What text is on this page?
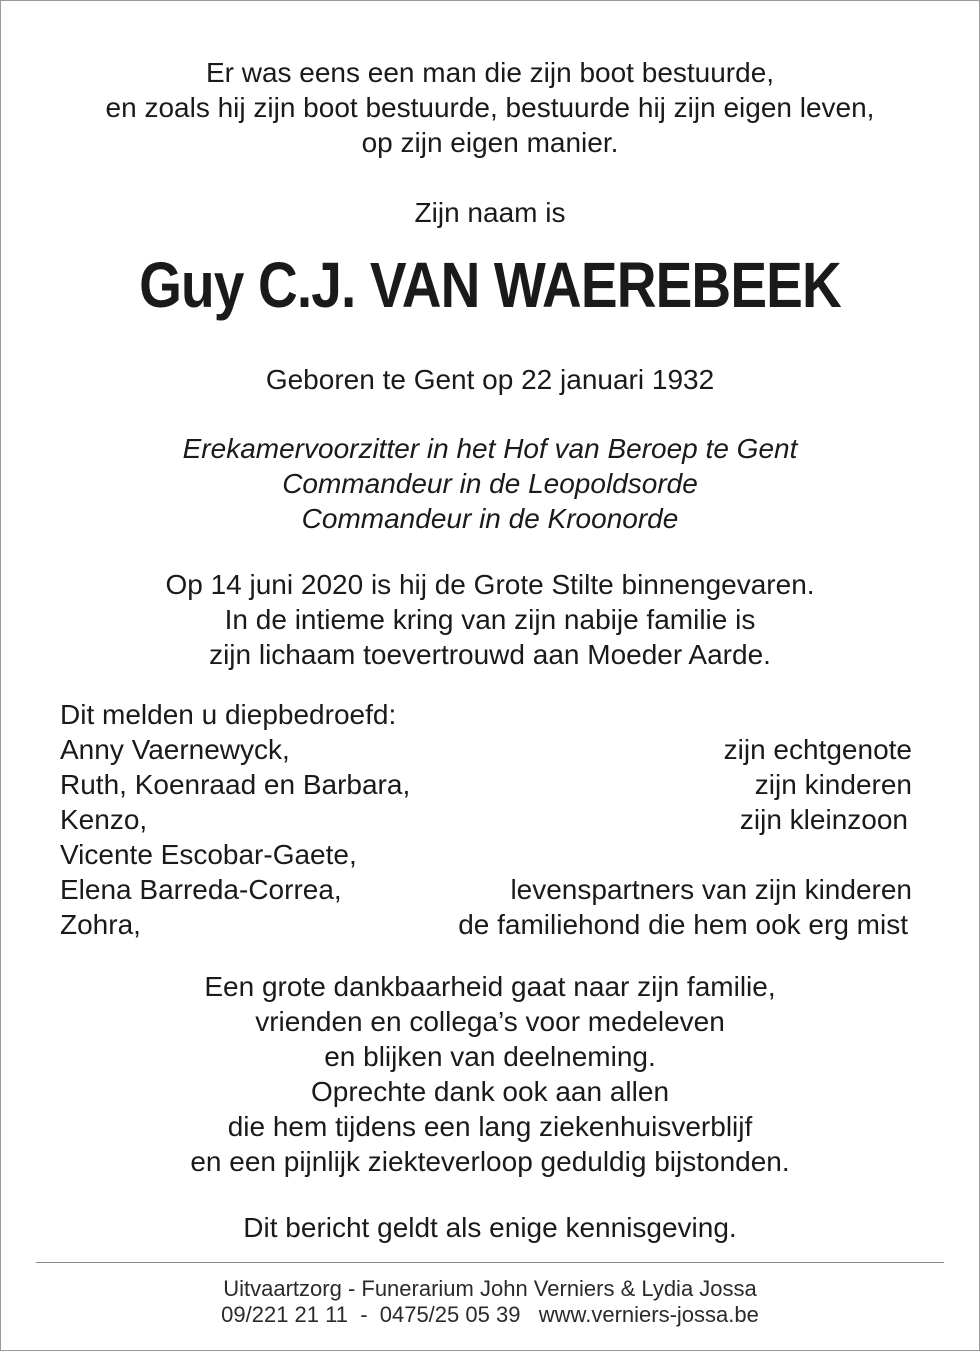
Er was eens een man die zijn boot bestuurde,
en zoals hij zijn boot bestuurde, bestuurde hij zijn eigen leven,
op zijn eigen manier.
Zijn naam is
Guy C.J. VAN WAEREBEEK
Geboren te Gent op 22 januari 1932
Erekamervoorzitter in het Hof van Beroep te Gent
Commandeur in de Leopoldsorde
Commandeur in de Kroonorde
Op 14 juni 2020 is hij de Grote Stilte binnengevaren.
In de intieme kring van zijn nabije familie is
zijn lichaam toevertrouwd aan Moeder Aarde.
Dit melden u diepbedroefd:
Anny Vaernewyck,	zijn echtgenote
Ruth, Koenraad en Barbara,	zijn kinderen
Kenzo,	zijn kleinzoon
Vicente Escobar-Gaete,
Elena Barreda-Correa,	levenspartners van zijn kinderen
Zohra,	de familiehond die hem ook erg mist
Een grote dankbaarheid gaat naar zijn familie,
vrienden en collega’s voor medeleven
en blijken van deelneming.
Oprechte dank ook aan allen
die hem tijdens een lang ziekenhuisverblijf
en een pijnlijk ziekteverloop geduldig bijstonden.
Dit bericht geldt als enige kennisgeving.
Uitvaartzorg - Funerarium John Verniers & Lydia Jossa
09/221 21 11  -  0475/25 05 39   www.verniers-jossa.be
